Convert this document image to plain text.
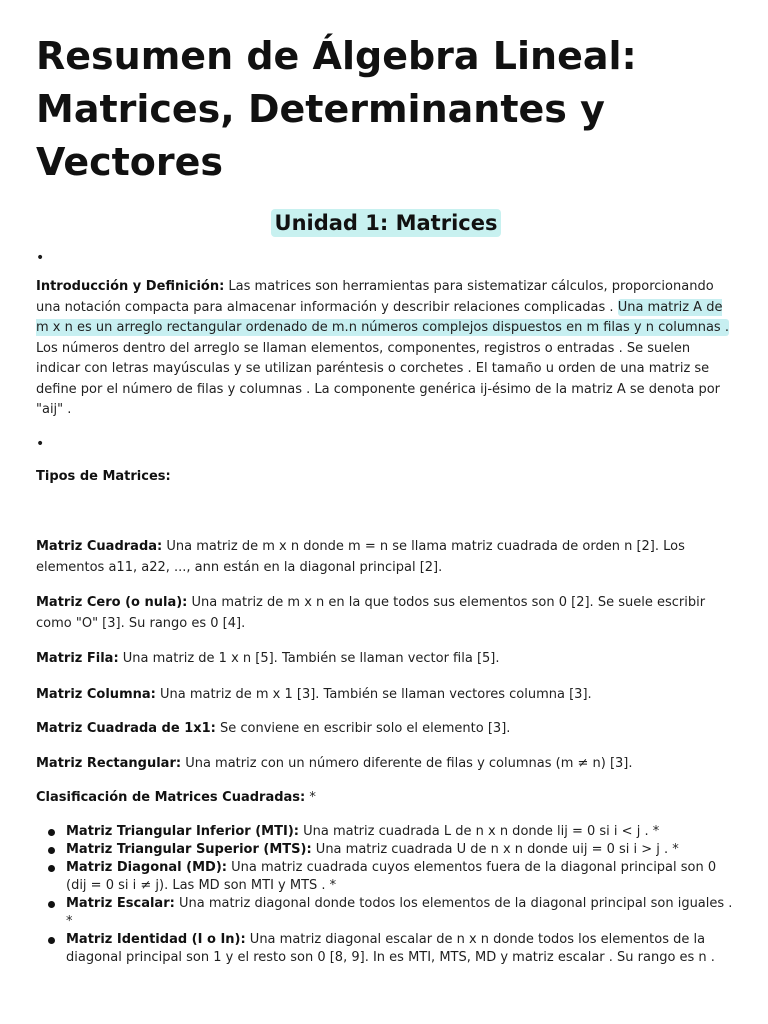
Resumen de Álgebra Lineal: Matrices, Determinantes y Vectores
Unidad 1: Matrices
•

Introducción y Definición: Las matrices son herramientas para sistematizar cálculos, proporcionando una notación compacta para almacenar información y describir relaciones complicadas . Una matriz A de m x n es un arreglo rectangular ordenado de m.n números complejos dispuestos en m filas y n columnas . Los números dentro del arreglo se llaman elementos, componentes, registros o entradas . Se suelen indicar con letras mayúsculas y se utilizan paréntesis o corchetes . El tamaño u orden de una matriz se define por el número de filas y columnas . La componente genérica ij-ésimo de la matriz A se denota por "aij" .

•

Tipos de Matrices:

Matriz Cuadrada: Una matriz de m x n donde m = n se llama matriz cuadrada de orden n [2]. Los elementos a11, a22, ..., ann están en la diagonal principal [2].

Matriz Cero (o nula): Una matriz de m x n en la que todos sus elementos son 0 [2]. Se suele escribir como "O" [3]. Su rango es 0 [4].

Matriz Fila: Una matriz de 1 x n [5]. También se llaman vector fila [5].

Matriz Columna: Una matriz de m x 1 [3]. También se llaman vectores columna [3].

Matriz Cuadrada de 1x1: Se conviene en escribir solo el elemento [3].

Matriz Rectangular: Una matriz con un número diferente de filas y columnas (m ≠ n) [3].

Clasificación de Matrices Cuadradas: *

Matriz Triangular Inferior (MTI): Una matriz cuadrada L de n x n donde lij = 0 si i < j . *
Matriz Triangular Superior (MTS): Una matriz cuadrada U de n x n donde uij = 0 si i > j . *
Matriz Diagonal (MD): Una matriz cuadrada cuyos elementos fuera de la diagonal principal son 0 (dij = 0 si i ≠ j). Las MD son MTI y MTS . *
Matriz Escalar: Una matriz diagonal donde todos los elementos de la diagonal principal son iguales . *
Matriz Identidad (I o In): Una matriz diagonal escalar de n x n donde todos los elementos de la diagonal principal son 1 y el resto son 0 [8, 9]. In es MTI, MTS, MD y matriz escalar . Su rango es n .
